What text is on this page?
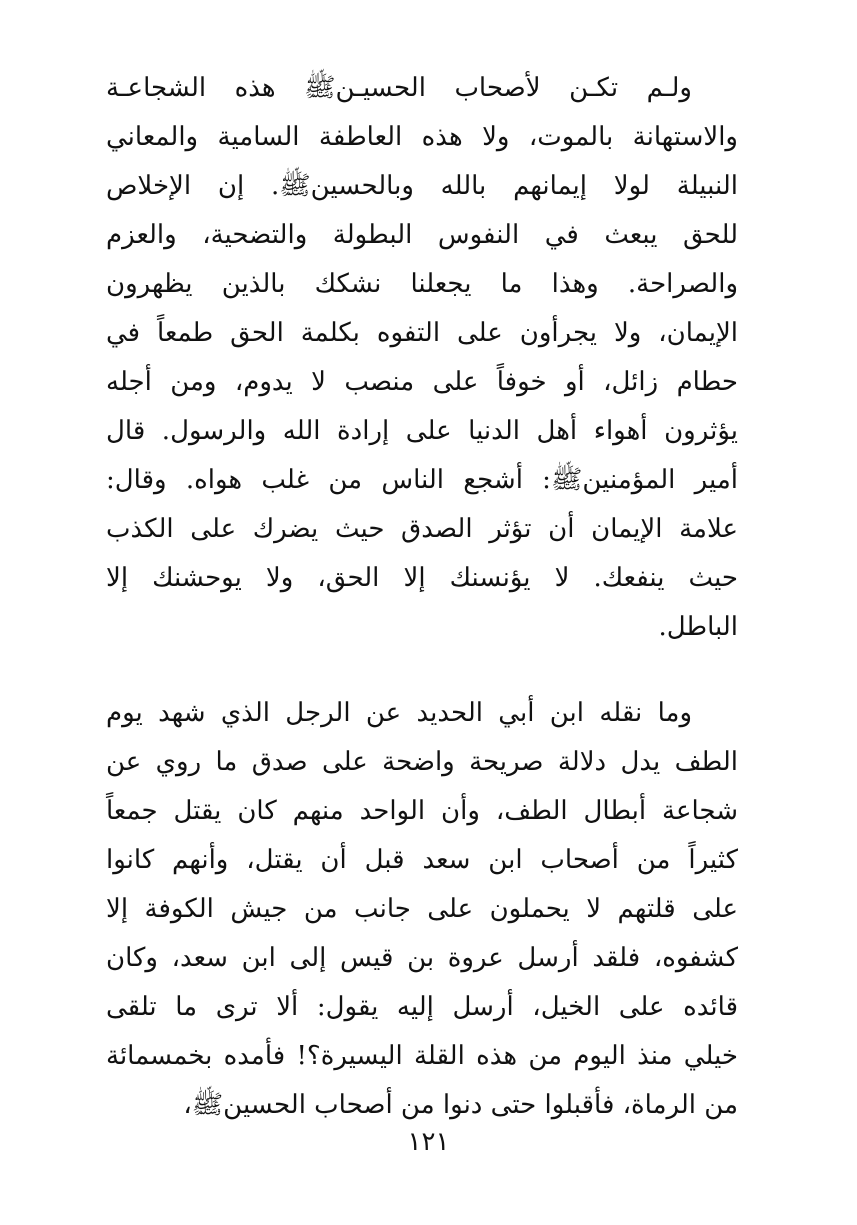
ولـم تكـن لأصحاب الحسيـنﷺ هذه الشجاعـة
والاستهانة بالموت، ولا هذه العاطفة السامية والمعاني
النبيلة لولا إيمانهم بالله وبالحسينﷺ. إن الإخلاص
للحق يبعث في النفوس البطولة والتضحية، والعزم
والصراحة. وهذا ما يجعلنا نشكك بالذين يظهرون
الإيمان، ولا يجرأون على التفوه بكلمة الحق طمعاً في
حطام زائل، أو خوفاً على منصب لا يدوم، ومن أجله
يؤثرون أهواء أهل الدنيا على إرادة الله والرسول. قال
أمير المؤمنينﷺ: أشجع الناس من غلب هواه. وقال:
علامة الإيمان أن تؤثر الصدق حيث يضرك على الكذب
حيث ينفعك. لا يؤنسنك إلا الحق، ولا يوحشنك إلا
الباطل.
وما نقله ابن أبي الحديد عن الرجل الذي شهد يوم
الطف يدل دلالة صريحة واضحة على صدق ما روي عن
شجاعة أبطال الطف، وأن الواحد منهم كان يقتل جمعاً
كثيراً من أصحاب ابن سعد قبل أن يقتل، وأنهم كانوا
على قلتهم لا يحملون على جانب من جيش الكوفة إلا
كشفوه، فلقد أرسل عروة بن قيس إلى ابن سعد، وكان
قائده على الخيل، أرسل إليه يقول: ألا ترى ما تلقى
خيلي منذ اليوم من هذه القلة اليسيرة؟! فأمده بخمسمائة
من الرماة، فأقبلوا حتى دنوا من أصحاب الحسينﷺ،
١٢١
